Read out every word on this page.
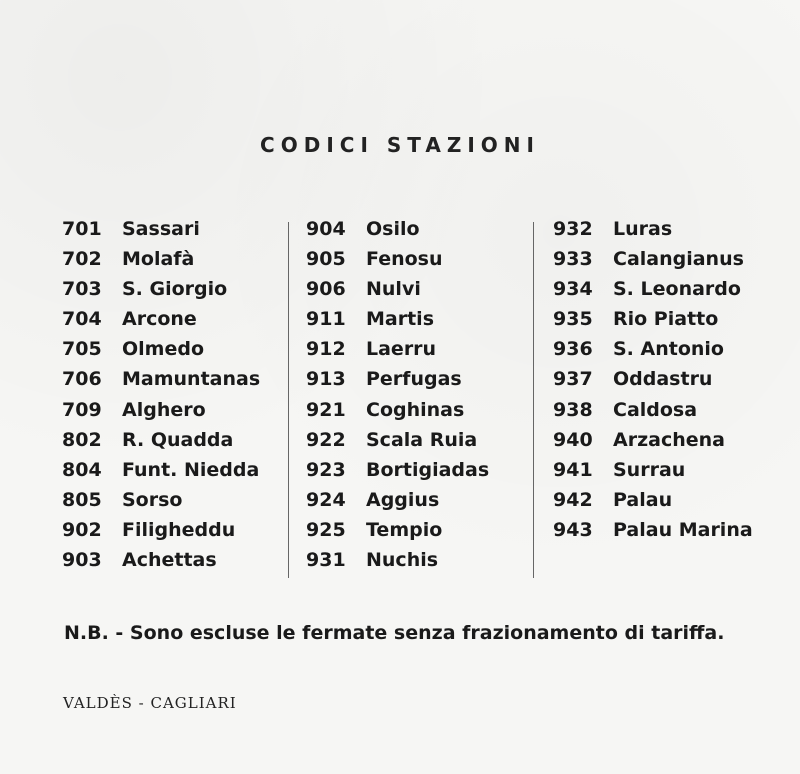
CODICI STAZIONI
701 Sassari
702 Molafà
703 S. Giorgio
704 Arcone
705 Olmedo
706 Mamuntanas
709 Alghero
802 R. Quadda
804 Funt. Niedda
805 Sorso
902 Filigheddu
903 Achettas
904 Osilo
905 Fenosu
906 Nulvi
911 Martis
912 Laerru
913 Perfugas
921 Coghinas
922 Scala Ruia
923 Bortigiadas
924 Aggius
925 Tempio
931 Nuchis
932 Luras
933 Calangianus
934 S. Leonardo
935 Rio Piatto
936 S. Antonio
937 Oddastru
938 Caldosa
940 Arzachena
941 Surrau
942 Palau
943 Palau Marina
N.B. - Sono escluse le fermate senza frazionamento di tariffa.
VALDÈS - CAGLIARI
